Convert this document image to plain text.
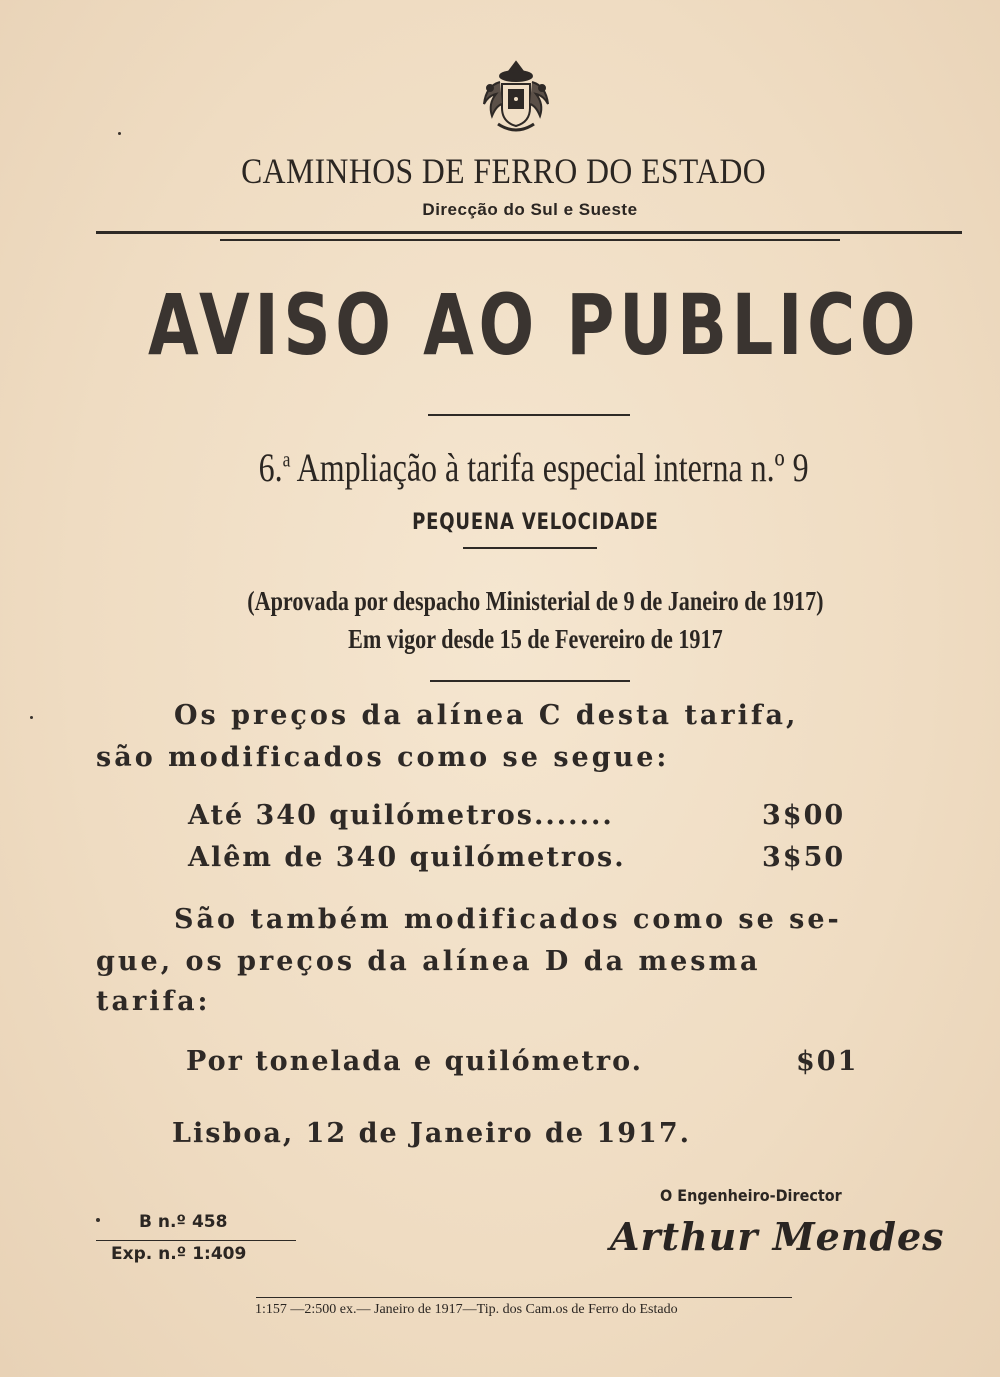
CAMINHOS DE FERRO DO ESTADO
Direcção do Sul e Sueste
AVISO AO PUBLICO
6.$^a$ Ampliação à tarifa especial interna n.º 9
PEQUENA VELOCIDADE
(Aprovada por despacho Ministerial de 9 de Janeiro de 1917)
Em vigor desde 15 de Fevereiro de 1917
Os preços da alínea C desta tarifa,
são modificados como se segue:
Até 340 quilómetros.......	3$00
Alêm de 340 quilómetros.	3$50
São também modificados como se se-
gue, os preços da alínea D da mesma
tarifa:
Por tonelada e quilómetro.	$01
Lisboa, 12 de Janeiro de 1917.
O Engenheiro-Director
Arthur Mendes
B n.º 458
Exp. n.º 1:409
1:157 —2:500 ex.— Janeiro de 1917—Tip. dos Cam.os de Ferro do Estado
